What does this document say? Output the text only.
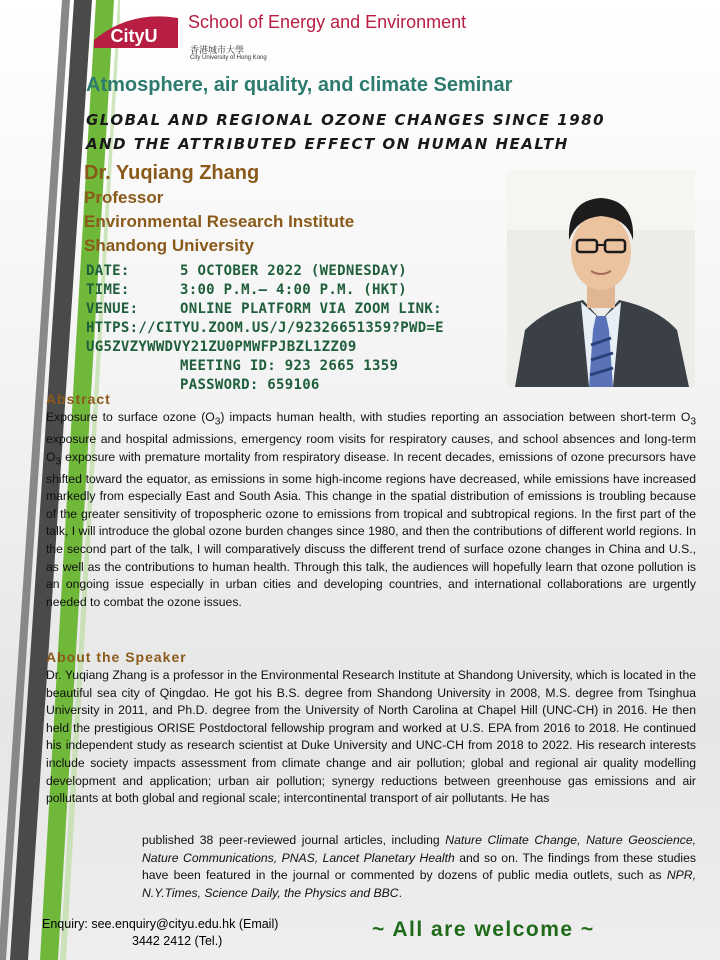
CityU
School of Energy and Environment
香港城市大學
City University of Hong Kong
Atmosphere, air quality, and climate Seminar
GLOBAL AND REGIONAL OZONE CHANGES SINCE 1980
AND THE ATTRIBUTED EFFECT ON HUMAN HEALTH
Dr. Yuqiang Zhang
Professor
Environmental Research Institute
Shandong University
DATE:	5 OCTOBER 2022 (WEDNESDAY)
TIME:	3:00 P.M.– 4:00 P.M. (HKT)
VENUE:	ONLINE PLATFORM VIA ZOOM LINK:
HTTPS://CITYU.ZOOM.US/J/92326651359?PWD=E
UG5ZVZYWWDVY21ZU0PMWFPJBZL1ZZ09
MEETING ID: 923 2665 1359
PASSWORD: 659106
Abstract
Exposure to surface ozone $(O_3)$ impacts human health, with studies reporting an association between short-term $O_3$ exposure and hospital admissions, emergency room visits for respiratory causes, and school absences and long-term $O_3$ exposure with premature mortality from respiratory disease. In recent decades, emissions of ozone precursors have shifted toward the equator, as emissions in some high-income regions have decreased, while emissions have increased markedly from especially East and South Asia. This change in the spatial distribution of emissions is troubling because of the greater sensitivity of tropospheric ozone to emissions from tropical and subtropical regions. In the first part of the talk, I will introduce the global ozone burden changes since 1980, and then the contributions of different world regions. In the second part of the talk, I will comparatively discuss the different trend of surface ozone changes in China and U.S., as well as the contributions to human health. Through this talk, the audiences will hopefully learn that ozone pollution is an ongoing issue especially in urban cities and developing countries, and international collaborations are urgently needed to combat the ozone issues.
About the Speaker
Dr. Yuqiang Zhang is a professor in the Environmental Research Institute at Shandong University, which is located in the beautiful sea city of Qingdao. He got his B.S. degree from Shandong University in 2008, M.S. degree from Tsinghua University in 2011, and Ph.D. degree from the University of North Carolina at Chapel Hill (UNC-CH) in 2016. He then held the prestigious ORISE Postdoctoral fellowship program and worked at U.S. EPA from 2016 to 2018. He continued his independent study as research scientist at Duke University and UNC-CH from 2018 to 2022. His research interests include society impacts assessment from climate change and air pollution; global and regional air quality modelling development and application; urban air pollution; synergy reductions between greenhouse gas emissions and air pollutants at both global and regional scale; intercontinental transport of air pollutants. He has
published 38 peer-reviewed journal articles, including Nature Climate Change, Nature Geoscience, Nature Communications, PNAS, Lancet Planetary Health and so on. The findings from these studies have been featured in the journal or commented by dozens of public media outlets, such as NPR, N.Y.Times, Science Daily, the Physics and BBC.
Enquiry: see.enquiry@cityu.edu.hk (Email)
3442 2412 (Tel.)	~ All are welcome ~
